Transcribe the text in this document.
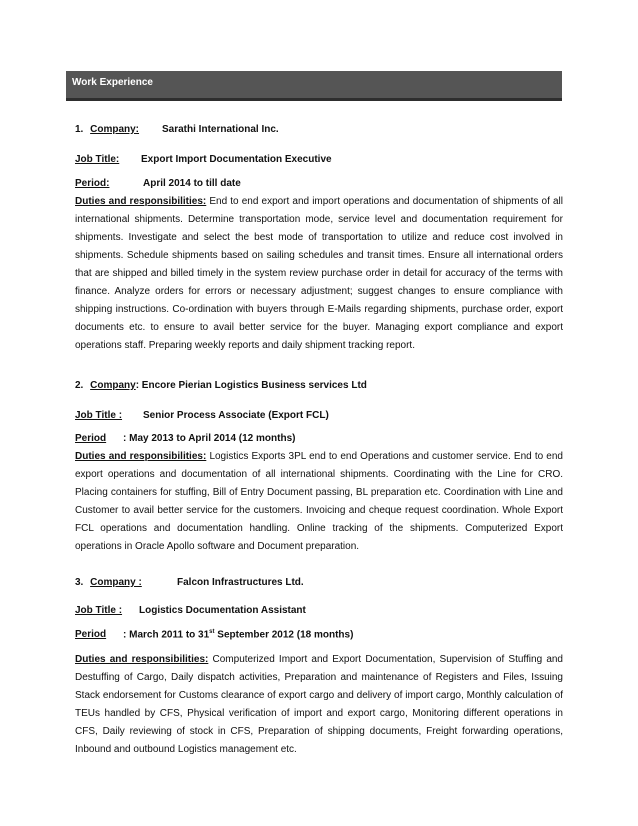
Work Experience
1. Company: Sarathi International Inc.
Job Title: Export Import Documentation Executive
Period:	April 2014 to till date

Duties and responsibilities: End to end export and import operations and documentation of shipments of all international shipments. Determine transportation mode, service level and documentation requirement for shipments. Investigate and select the best mode of transportation to utilize and reduce cost involved in shipments. Schedule shipments based on sailing schedules and transit times. Ensure all international orders that are shipped and billed timely in the system review purchase order in detail for accuracy of the terms with finance. Analyze orders for errors or necessary adjustment; suggest changes to ensure compliance with shipping instructions. Co-ordination with buyers through E-Mails regarding shipments, purchase order, export documents etc. to ensure to avail better service for the buyer. Managing export compliance and export operations staff. Preparing weekly reports and daily shipment tracking report.

2. Company: Encore Pierian Logistics Business services Ltd
Job Title : Senior Process Associate (Export FCL)
Period : May 2013 to April 2014 (12 months)

Duties and responsibilities: Logistics Exports 3PL end to end Operations and customer service. End to end export operations and documentation of all international shipments. Coordinating with the Line for CRO. Placing containers for stuffing, Bill of Entry Document passing, BL preparation etc. Coordination with Line and Customer to avail better service for the customers. Invoicing and cheque request coordination. Whole Export FCL operations and documentation handling. Online tracking of the shipments. Computerized Export operations in Oracle Apollo software and Document preparation.

3. Company :	Falcon Infrastructures Ltd.
Job Title : Logistics Documentation Assistant
Period : March 2011 to 31st September 2012 (18 months)

Duties and responsibilities: Computerized Import and Export Documentation, Supervision of Stuffing and Destuffing of Cargo, Daily dispatch activities, Preparation and maintenance of Registers and Files, Issuing Stack endorsement for Customs clearance of export cargo and delivery of import cargo, Monthly calculation of TEUs handled by CFS, Physical verification of import and export cargo, Monitoring different operations in CFS, Daily reviewing of stock in CFS, Preparation of shipping documents, Freight forwarding operations, Inbound and outbound Logistics management etc.
